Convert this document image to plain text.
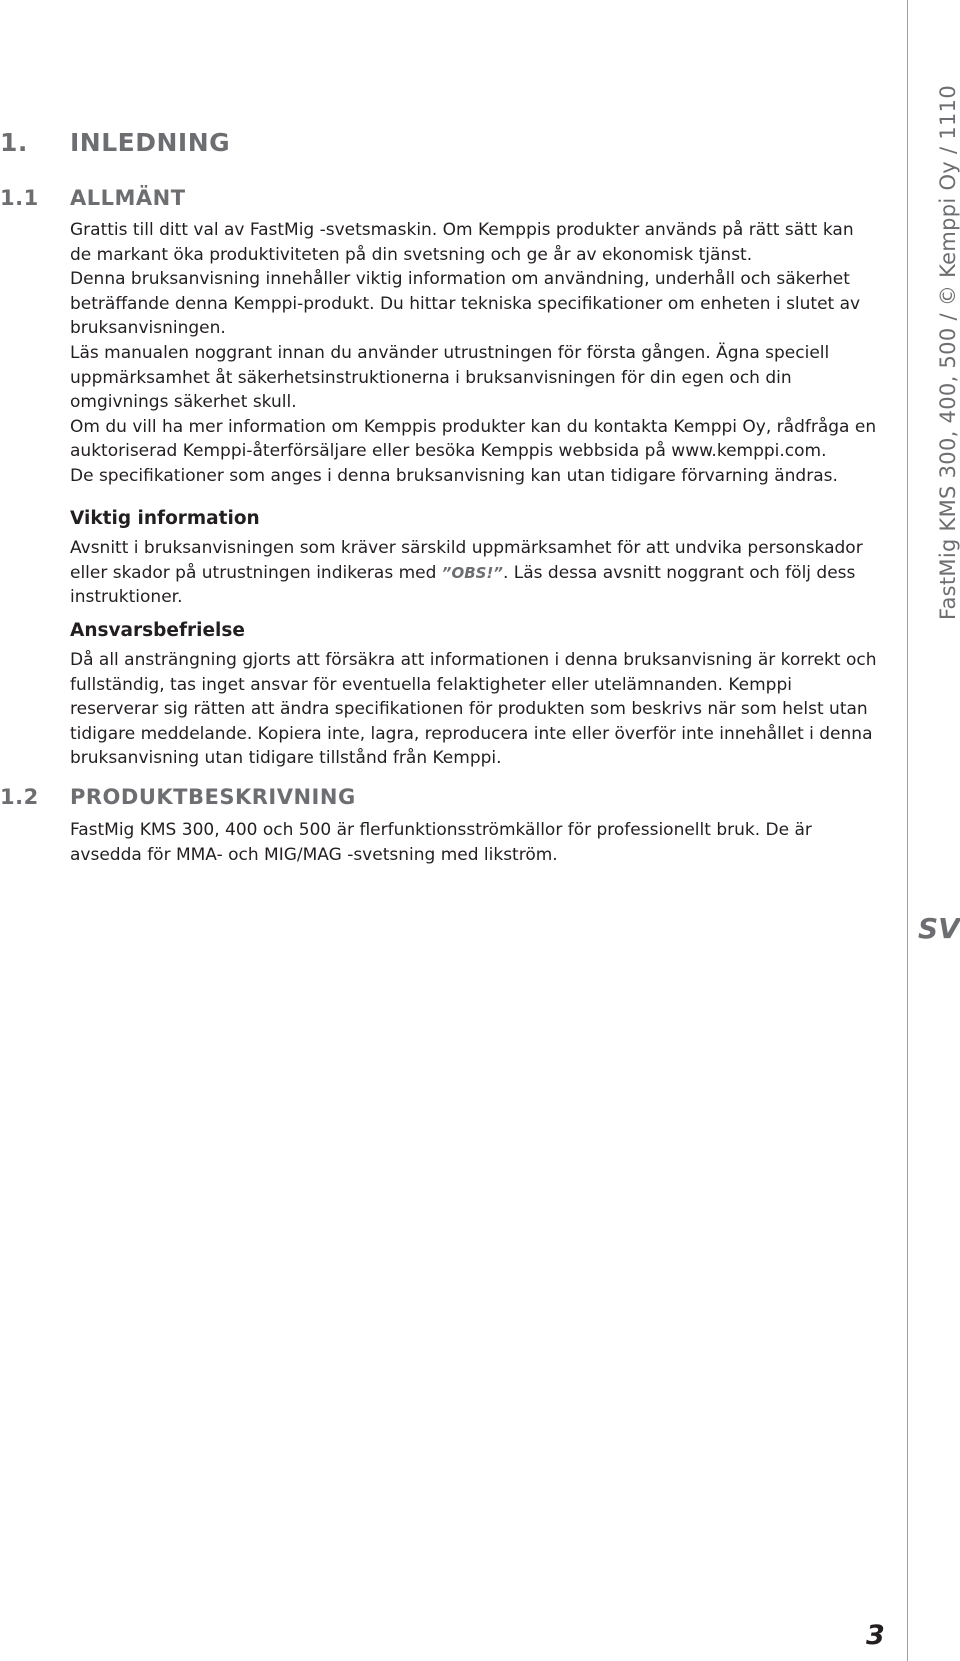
1. INLEDNING
1.1 ALLMÄNT

Grattis till ditt val av FastMig -svetsmaskin. Om Kemppis produkter används på rätt sätt kan de markant öka produktiviteten på din svetsning och ge år av ekonomisk tjänst.

Denna bruksanvisning innehåller viktig information om användning, underhåll och säkerhet beträffande denna Kemppi-produkt. Du hittar tekniska specifikationer om enheten i slutet av bruksanvisningen.

Läs manualen noggrant innan du använder utrustningen för första gången. Ägna speciell uppmärksamhet åt säkerhetsinstruktionerna i bruksanvisningen för din egen och din omgivnings säkerhet skull.

Om du vill ha mer information om Kemppis produkter kan du kontakta Kemppi Oy, rådfråga en auktoriserad Kemppi-återförsäljare eller besöka Kemppis webbsida på www.kemppi.com.

De specifikationer som anges i denna bruksanvisning kan utan tidigare förvarning ändras.

Viktig information

Avsnitt i bruksanvisningen som kräver särskild uppmärksamhet för att undvika personskador eller skador på utrustningen indikeras med ”OBS!”. Läs dessa avsnitt noggrant och följ dess instruktioner.

Ansvarsbefrielse

Då all ansträngning gjorts att försäkra att informationen i denna bruksanvisning är korrekt och fullständig, tas inget ansvar för eventuella felaktigheter eller utelämnanden. Kemppi reserverar sig rätten att ändra specifikationen för produkten som beskrivs när som helst utan tidigare meddelande. Kopiera inte, lagra, reproducera inte eller överför inte innehållet i denna bruksanvisning utan tidigare tillstånd från Kemppi.

1.2 PRODUKTBESKRIVNING

FastMig KMS 300, 400 och 500 är flerfunktionsströmkällor för professionellt bruk. De är avsedda för MMA- och MIG/MAG -svetsning med likström.

FastMig KMS 300, 400, 500 / © Kemppi Oy / 1110
SV
3
